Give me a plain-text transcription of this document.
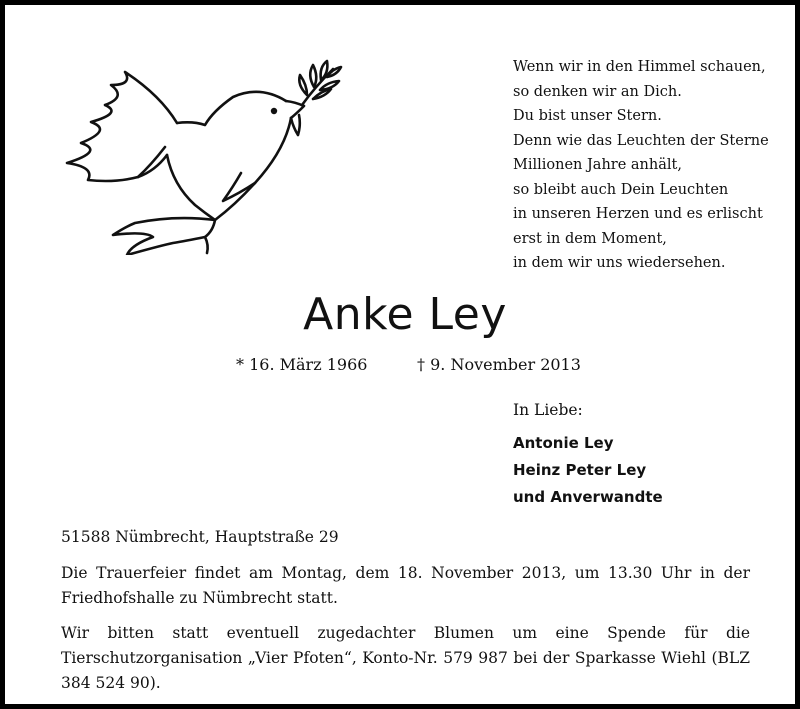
Wenn wir in den Himmel schauen,
so denken wir an Dich.
Du bist unser Stern.
Denn wie das Leuchten der Sterne
Millionen Jahre anhält,
so bleibt auch Dein Leuchten
in unseren Herzen und es erlischt
erst in dem Moment,
in dem wir uns wiedersehen.
Anke Ley
* 16. März 1966	† 9. November 2013
In Liebe:
Antonie Ley
Heinz Peter Ley
und Anverwandte
51588 Nümbrecht, Hauptstraße 29
Die Trauerfeier findet am Montag, dem 18. November 2013, um 13.30 Uhr in der Friedhofshalle zu Nümbrecht statt.
Wir bitten statt eventuell zugedachter Blumen um eine Spende für die Tierschutzorganisation „Vier Pfoten“, Konto-Nr. 579 987 bei der Sparkasse Wiehl (BLZ 384 524 90).
